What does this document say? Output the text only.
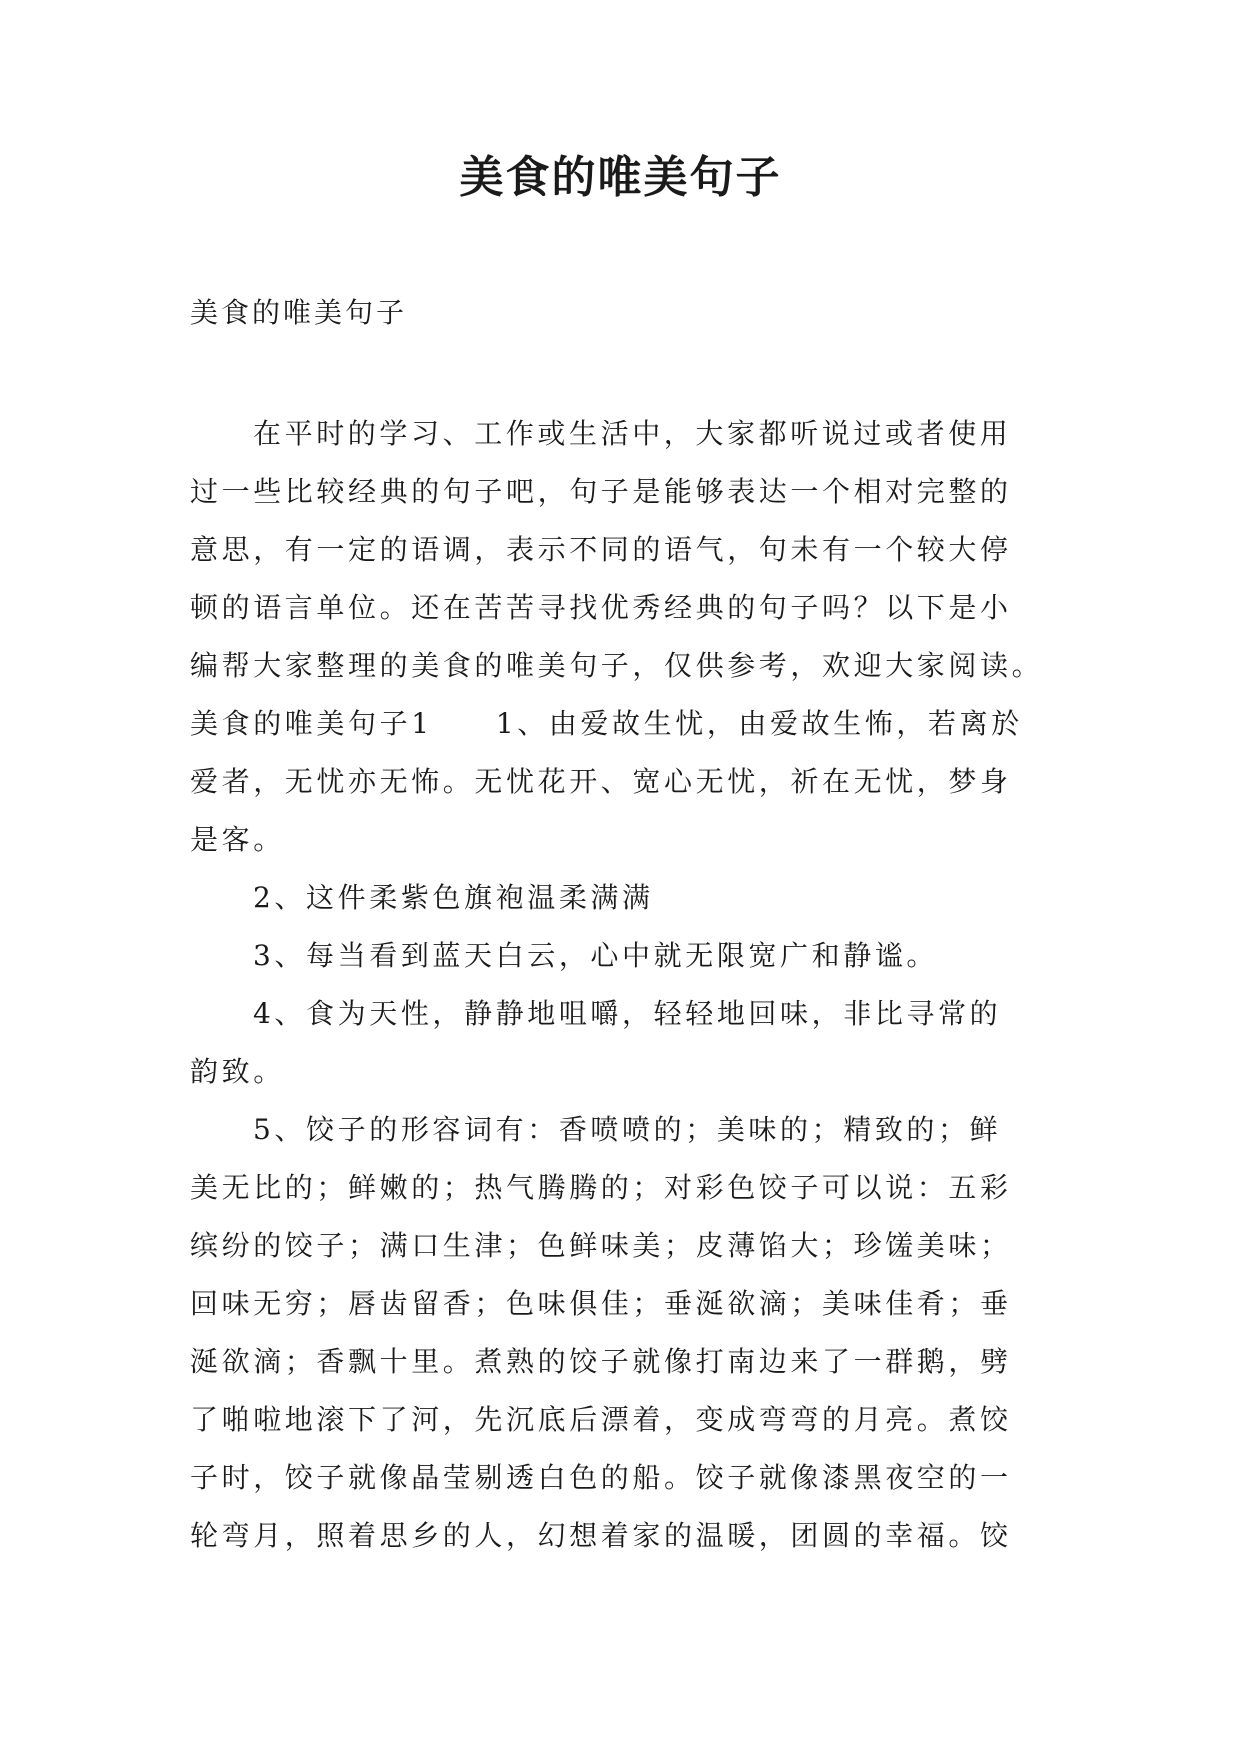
美食的唯美句子
美食的唯美句子
在平时的学习、工作或生活中，大家都听说过或者使用
过一些比较经典的句子吧，句子是能够表达一个相对完整的
意思，有一定的语调，表示不同的语气，句未有一个较大停
顿的语言单位。还在苦苦寻找优秀经典的句子吗？以下是小
编帮大家整理的美食的唯美句子，仅供参考，欢迎大家阅读。
美食的唯美句子1　　1、由爱故生忧，由爱故生怖，若离於
爱者，无忧亦无怖。无忧花开、宽心无忧，祈在无忧，梦身
是客。
2、这件柔紫色旗袍温柔满满
3、每当看到蓝天白云，心中就无限宽广和静谧。
4、食为天性，静静地咀嚼，轻轻地回味，非比寻常的
韵致。
5、饺子的形容词有：香喷喷的；美味的；精致的；鲜
美无比的；鲜嫩的；热气腾腾的；对彩色饺子可以说：五彩
缤纷的饺子；满口生津；色鲜味美；皮薄馅大；珍馐美味；
回味无穷；唇齿留香；色味俱佳；垂涎欲滴；美味佳肴；垂
涎欲滴；香飘十里。煮熟的饺子就像打南边来了一群鹅，劈
了啪啦地滚下了河，先沉底后漂着，变成弯弯的月亮。煮饺
子时，饺子就像晶莹剔透白色的船。饺子就像漆黑夜空的一
轮弯月，照着思乡的人，幻想着家的温暖，团圆的幸福。饺
